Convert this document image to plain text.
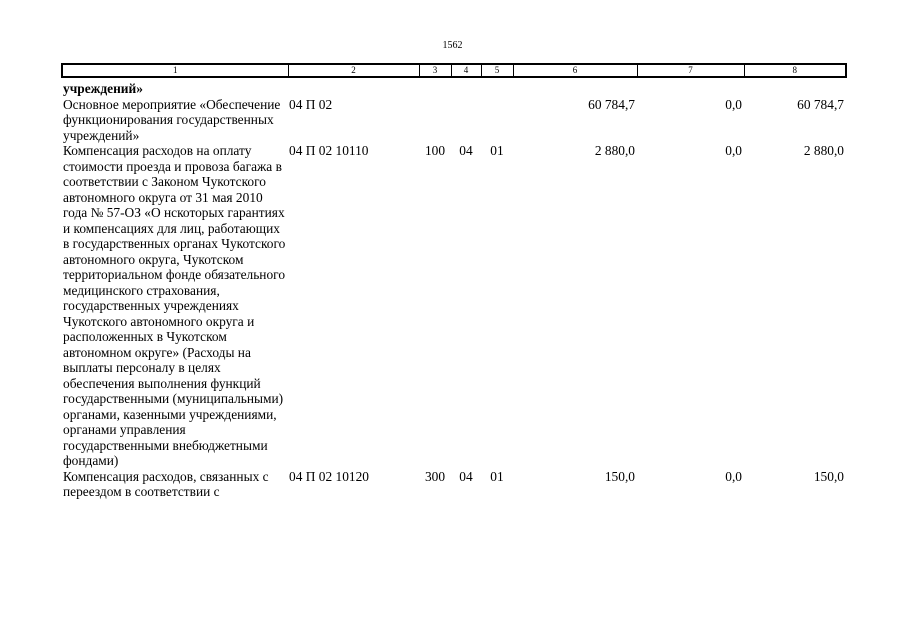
1562
1	2	3	4	5	6	7	8
учреждений»							
Основное мероприятие «Обеспечение функционирования государственных учреждений»	04 П 02				60 784,7	0,0	60 784,7
Компенсация расходов на оплату стоимости проезда и провоза багажа в соответствии с Законом Чукотского автономного округа от 31 мая 2010 года № 57-ОЗ «О нскоторых гарантиях и компенсациях для лиц, работающих в государственных органах Чукотского автономного округа, Чукотском территориальном фонде обязательного медицинского страхования, государственных учреждениях Чукотского автономного округа и расположенных в Чукотском автономном округе» (Расходы на выплаты персоналу в целях обеспечения выполнения функций государственными (муниципальными) органами, казенными учреждениями, органами управления государственными внебюджетными фондами)	04 П 02 10110	100	04	01	2 880,0	0,0	2 880,0
Компенсация расходов, связанных с переездом в соответствии с	04 П 02 10120	300	04	01	150,0	0,0	150,0
